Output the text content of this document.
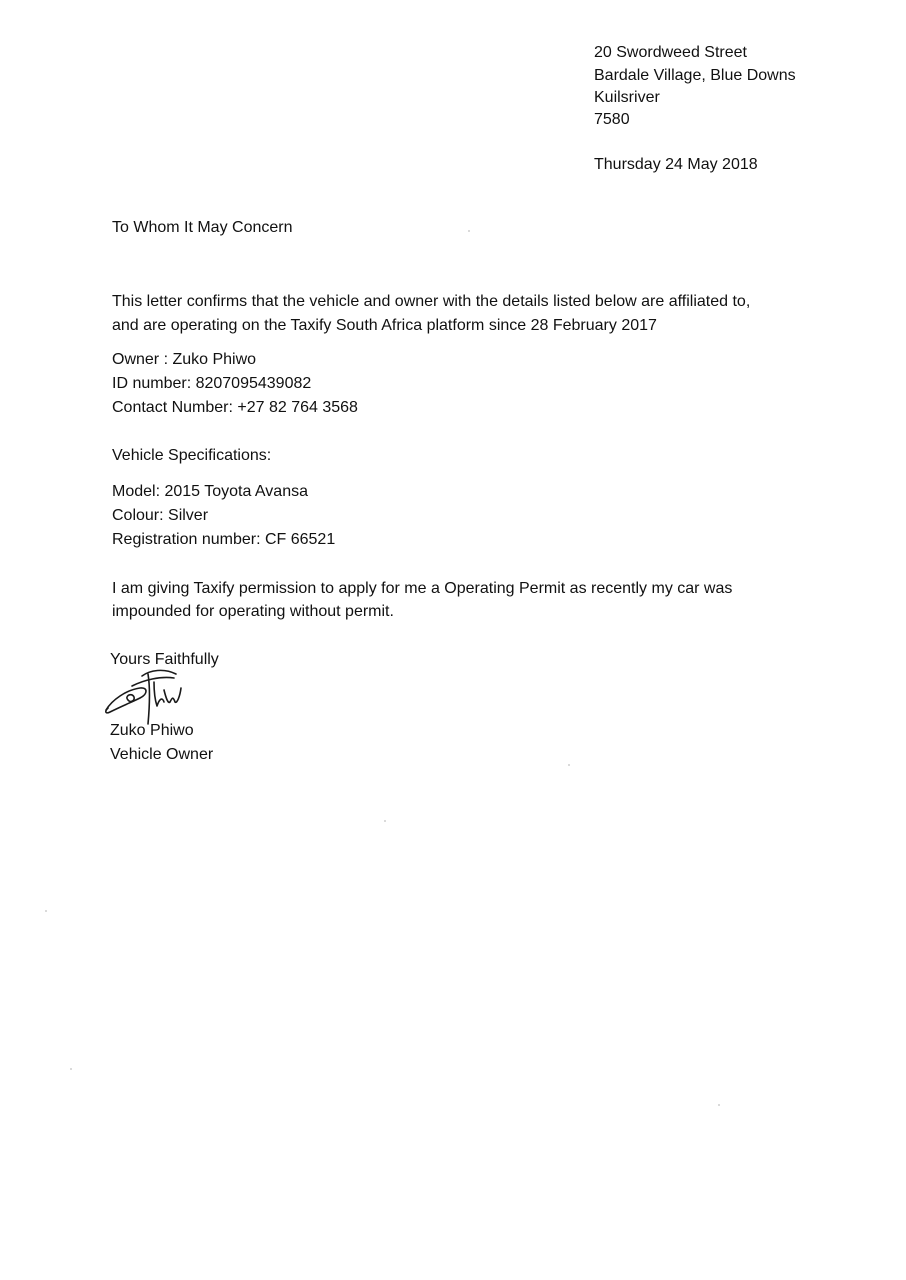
20 Swordweed Street
Bardale Village, Blue Downs
Kuilsriver
7580
Thursday 24 May 2018
To Whom It May Concern
This letter confirms that the vehicle and owner with the details listed below are affiliated to,
and are operating on the Taxify South Africa platform since 28 February 2017
Owner : Zuko Phiwo
ID number: 8207095439082
Contact Number: +27 82 764 3568
Vehicle Specifications:
Model: 2015 Toyota Avansa
Colour: Silver
Registration number: CF 66521
I am giving Taxify permission to apply for me a Operating Permit as recently my car was
impounded for operating without permit.
Yours Faithfully
Zuko Phiwo
Vehicle Owner
